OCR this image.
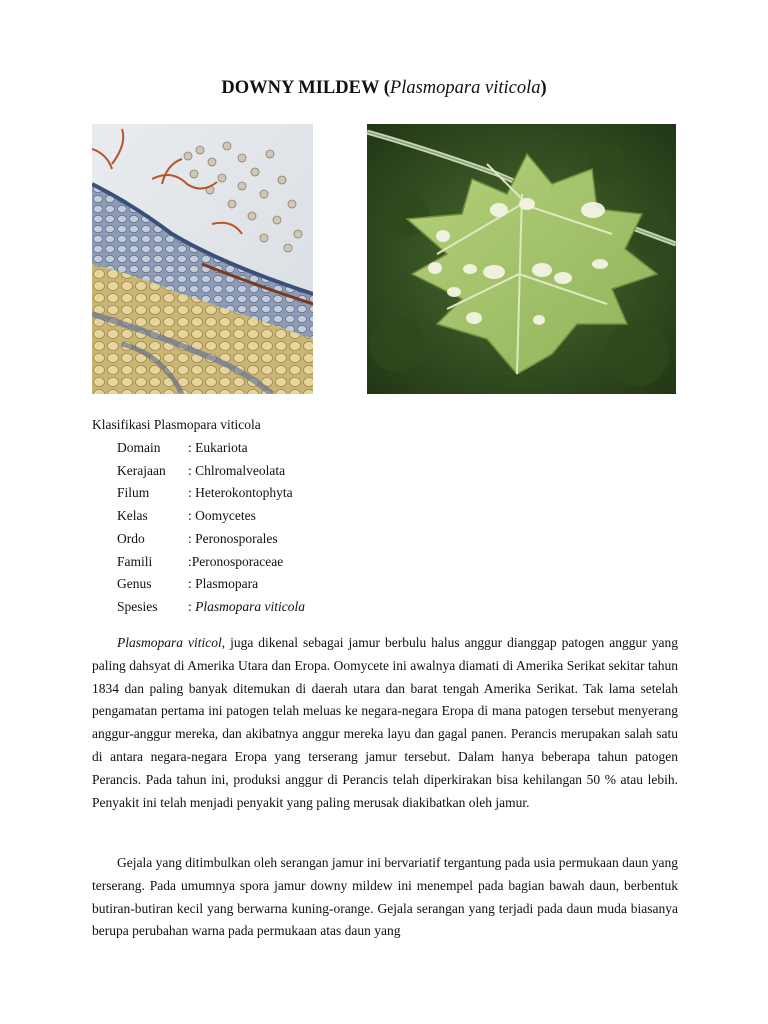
DOWNY MILDEW (Plasmopara viticola)
Klasifikasi Plasmopara viticola
Domain : Eukariota
Kerajaan : Chlromalveolata
Filum	: Heterokontophyta
Kelas	: Oomycetes
Ordo	: Peronosporales
Famili	:Peronosporaceae
Genus	: Plasmopara
Spesies : Plasmopara viticola

Plasmopara viticol, juga dikenal sebagai jamur berbulu halus anggur dianggap patogen anggur yang paling dahsyat di Amerika Utara dan Eropa. Oomycete ini awalnya diamati di Amerika Serikat sekitar tahun 1834 dan paling banyak ditemukan di daerah utara dan barat tengah Amerika Serikat. Tak lama setelah pengamatan pertama ini patogen telah meluas ke negara-negara Eropa di mana patogen tersebut menyerang anggur-anggur mereka, dan akibatnya anggur mereka layu dan gagal panen. Perancis merupakan salah satu di antara negara-negara Eropa yang terserang jamur tersebut. Dalam hanya beberapa tahun patogen Perancis. Pada tahun ini, produksi anggur di Perancis telah diperkirakan bisa kehilangan 50 % atau lebih. Penyakit ini telah menjadi penyakit yang paling merusak diakibatkan oleh jamur.

Gejala yang ditimbulkan oleh serangan jamur ini bervariatif tergantung pada usia permukaan daun yang terserang. Pada umumnya spora jamur downy mildew ini menempel pada bagian bawah daun, berbentuk butiran-butiran kecil yang berwarna kuning-orange. Gejala serangan yang terjadi pada daun muda biasanya berupa perubahan warna pada permukaan atas daun yang
